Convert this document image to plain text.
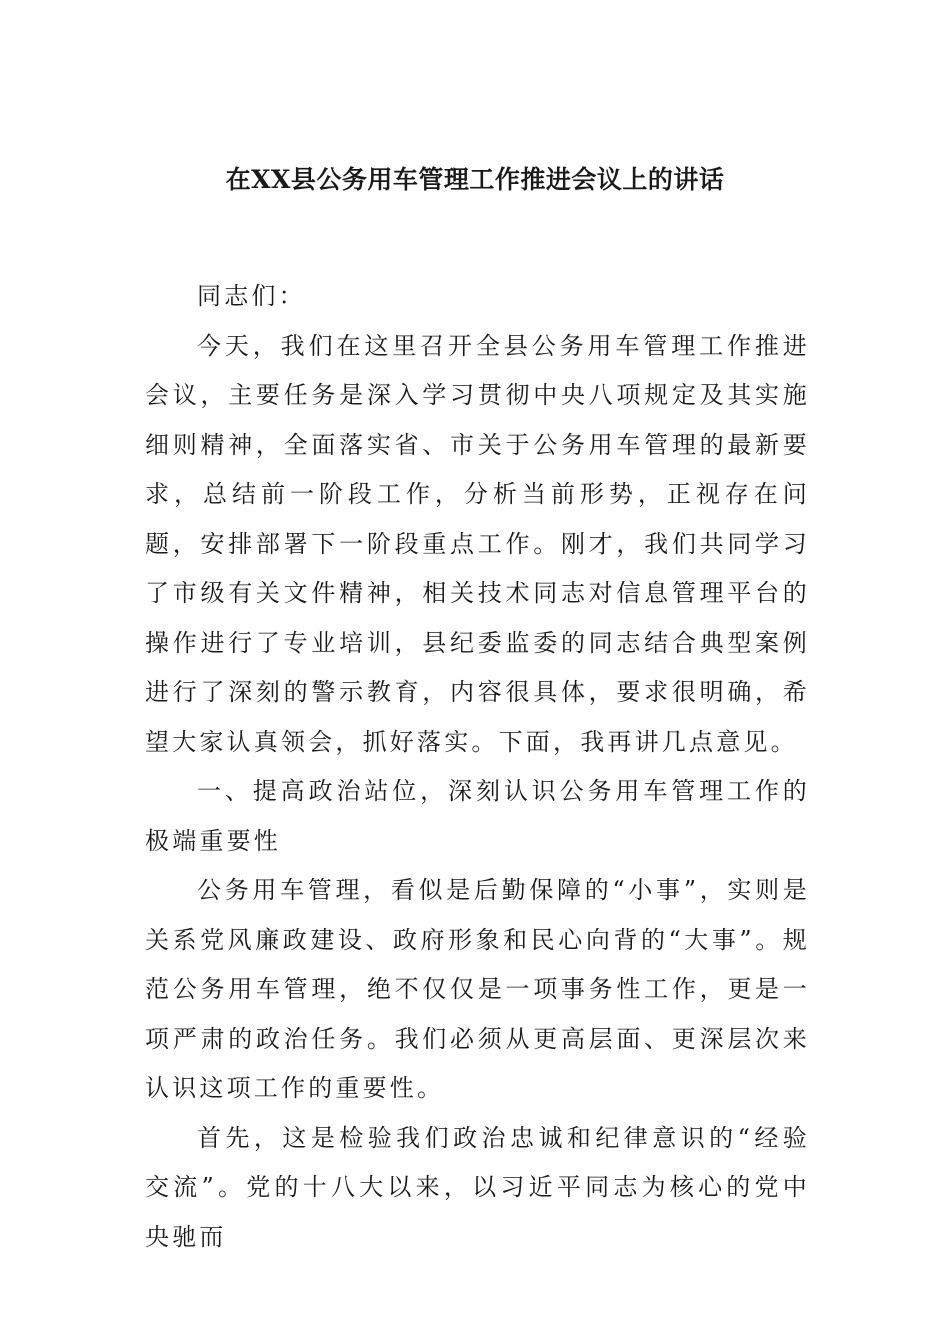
在XX县公务用车管理工作推进会议上的讲话

同志们：

今天，我们在这里召开全县公务用车管理工作推进会议，主要任务是深入学习贯彻中央八项规定及其实施细则精神，全面落实省、市关于公务用车管理的最新要求，总结前一阶段工作，分析当前形势，正视存在问题，安排部署下一阶段重点工作。刚才，我们共同学习了市级有关文件精神，相关技术同志对信息管理平台的操作进行了专业培训，县纪委监委的同志结合典型案例进行了深刻的警示教育，内容很具体，要求很明确，希望大家认真领会，抓好落实。下面，我再讲几点意见。

一、提高政治站位，深刻认识公务用车管理工作的极端重要性

公务用车管理，看似是后勤保障的“小事”，实则是关系党风廉政建设、政府形象和民心向背的“大事”。规范公务用车管理，绝不仅仅是一项事务性工作，更是一项严肃的政治任务。我们必须从更高层面、更深层次来认识这项工作的重要性。

首先，这是检验我们政治忠诚和纪律意识的“经验交流”。党的十八大以来，以习近平同志为核心的党中央驰而
